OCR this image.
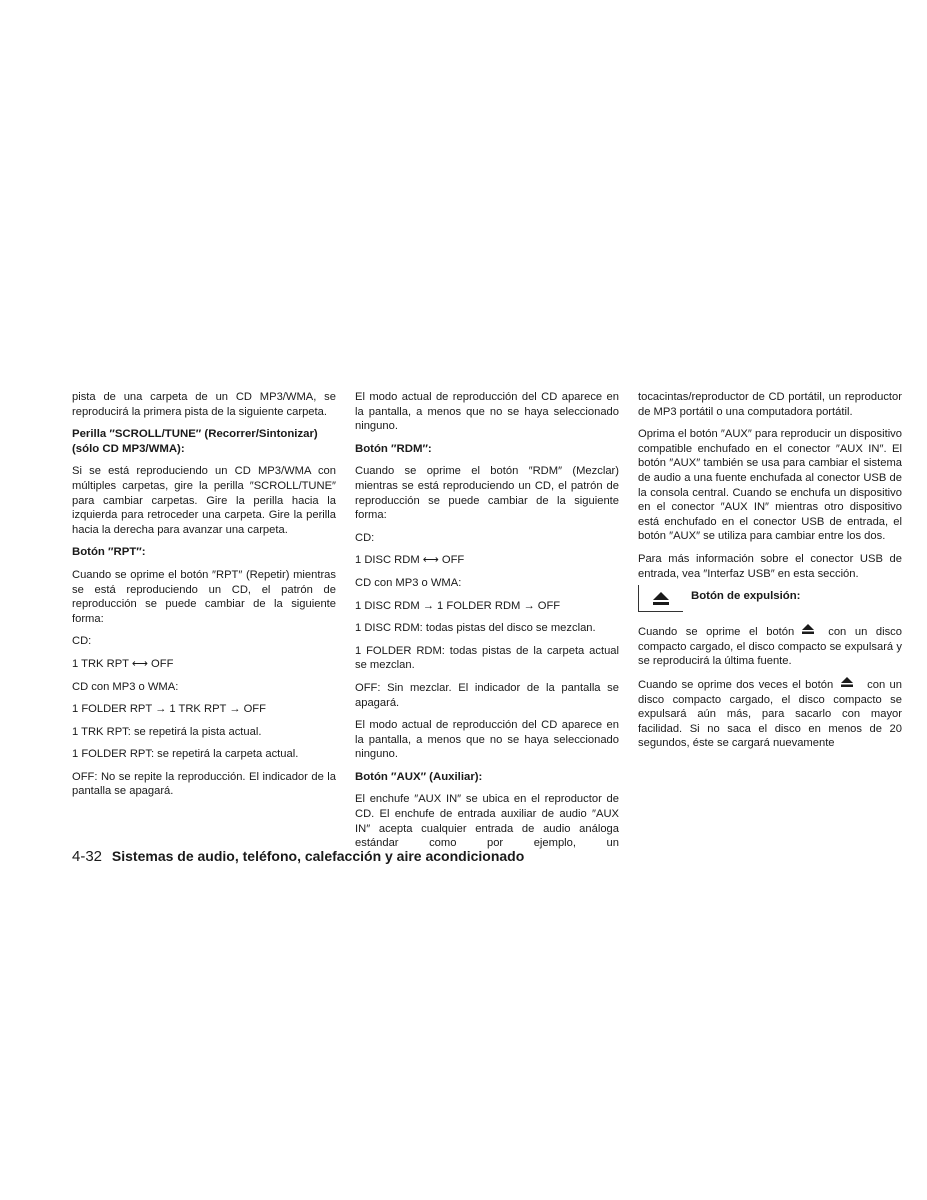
pista de una carpeta de un CD MP3/WMA, se reproducirá la primera pista de la siguiente carpeta.

Perilla ″SCROLL/TUNE″ (Recorrer/Sintonizar) (sólo CD MP3/WMA):

Si se está reproduciendo un CD MP3/WMA con múltiples carpetas, gire la perilla ″SCROLL/TUNE″ para cambiar carpetas. Gire la perilla hacia la izquierda para retroceder una carpeta. Gire la perilla hacia la derecha para avanzar una carpeta.

Botón ″RPT″:

Cuando se oprime el botón ″RPT″ (Repetir) mientras se está reproduciendo un CD, el patrón de reproducción se puede cambiar de la siguiente forma:

CD:

1 TRK RPT ⟷ OFF

CD con MP3 o WMA:

1 FOLDER RPT → 1 TRK RPT → OFF

1 TRK RPT: se repetirá la pista actual.

1 FOLDER RPT: se repetirá la carpeta actual.

OFF: No se repite la reproducción. El indicador de la pantalla se apagará.

El modo actual de reproducción del CD aparece en la pantalla, a menos que no se haya seleccionado ninguno.

Botón ″RDM″:

Cuando se oprime el botón ″RDM″ (Mezclar) mientras se está reproduciendo un CD, el patrón de reproducción se puede cambiar de la siguiente forma:

CD:

1 DISC RDM ⟷ OFF

CD con MP3 o WMA:

1 DISC RDM → 1 FOLDER RDM → OFF

1 DISC RDM: todas pistas del disco se mezclan.

1 FOLDER RDM: todas pistas de la carpeta actual se mezclan.

OFF: Sin mezclar. El indicador de la pantalla se apagará.

El modo actual de reproducción del CD aparece en la pantalla, a menos que no se haya seleccionado ninguno.

Botón ″AUX″ (Auxiliar):

El enchufe ″AUX IN″ se ubica en el reproductor de CD. El enchufe de entrada auxiliar de audio ″AUX IN″ acepta cualquier entrada de audio análoga estándar como por ejemplo, un

tocacintas/reproductor de CD portátil, un reproductor de MP3 portátil o una computadora portátil.

Oprima el botón ″AUX″ para reproducir un dispositivo compatible enchufado en el conector ″AUX IN″. El botón ″AUX″ también se usa para cambiar el sistema de audio a una fuente enchufada al conector USB de la consola central. Cuando se enchufa un dispositivo en el conector ″AUX IN″ mientras otro dispositivo está enchufado en el conector USB de entrada, el botón ″AUX″ se utiliza para cambiar entre los dos.

Para más información sobre el conector USB de entrada, vea ″Interfaz USB″ en esta sección.

Botón de expulsión:

Cuando se oprime el botón	con un disco compacto cargado, el disco compacto se expulsará y se reproducirá la última fuente.

Cuando se oprime dos veces el botón	con un disco compacto cargado, el disco compacto se expulsará aún más, para sacarlo con mayor facilidad. Si no saca el disco en menos de 20 segundos, éste se cargará nuevamente

4-32 Sistemas de audio, teléfono, calefacción y aire acondicionado
